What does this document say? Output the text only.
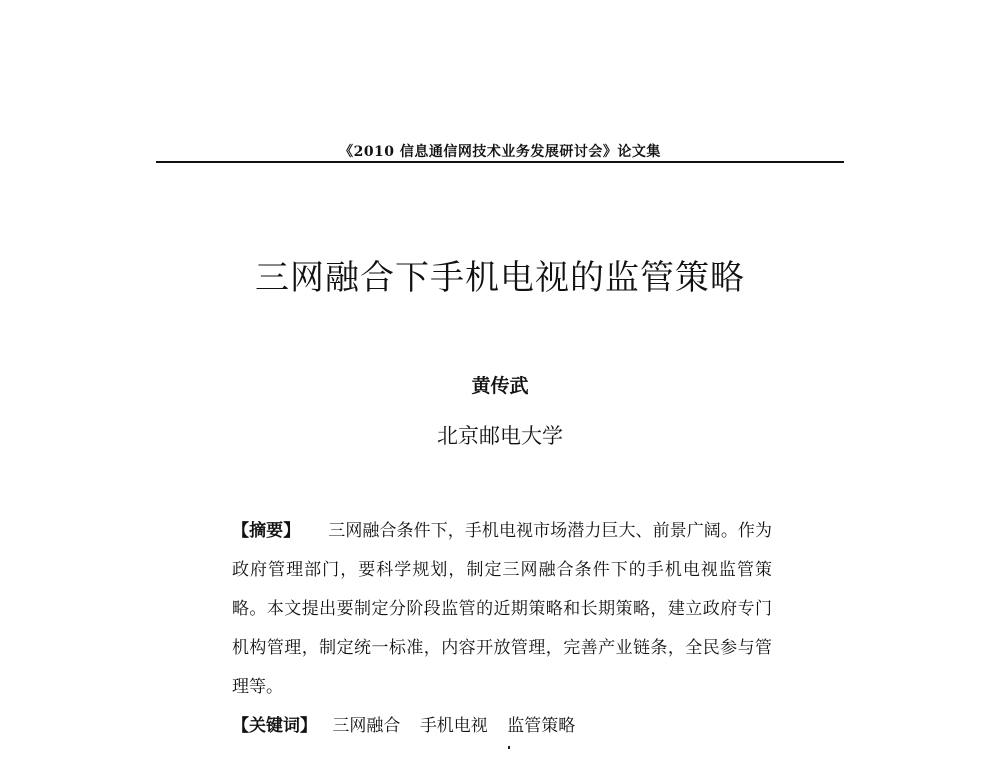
《2010 信息通信网技术业务发展研讨会》论文集
三网融合下手机电视的监管策略
黄传武
北京邮电大学
【摘要】 三网融合条件下，手机电视市场潜力巨大、前景广阔。作为政府管理部门，要科学规划，制定三网融合条件下的手机电视监管策略。本文提出要制定分阶段监管的近期策略和长期策略，建立政府专门机构管理，制定统一标准，内容开放管理，完善产业链条，全民参与管理等。
【关键词】 三网融合 手机电视 监管策略
